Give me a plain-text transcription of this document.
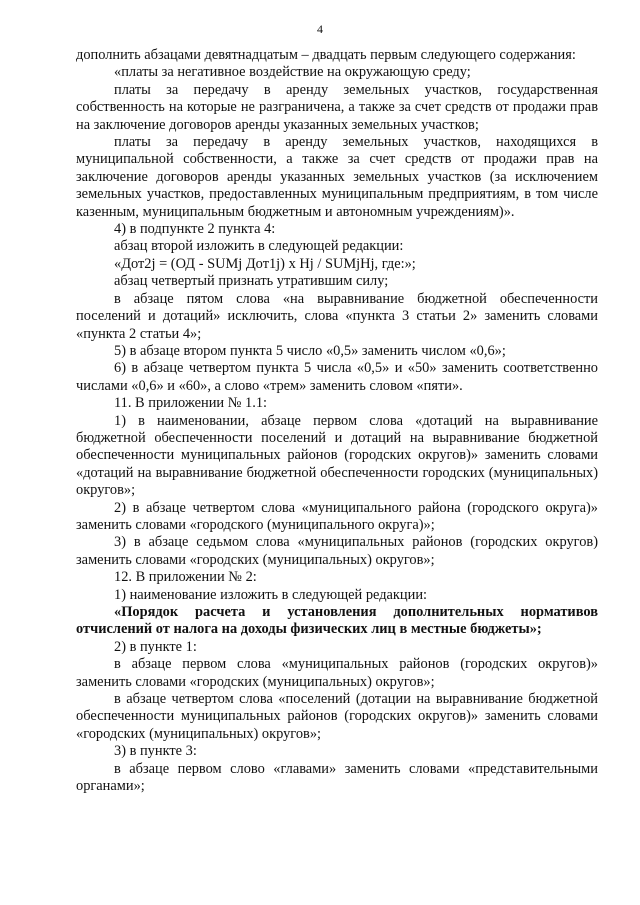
4

дополнить абзацами девятнадцатым – двадцать первым следующего содержания:

«платы за негативное воздействие на окружающую среду;

платы за передачу в аренду земельных участков, государственная собственность на которые не разграничена, а также за счет средств от продажи прав на заключение договоров аренды указанных земельных участков;

платы за передачу в аренду земельных участков, находящихся в муниципальной собственности, а также за счет средств от продажи прав на заключение договоров аренды указанных земельных участков (за исключением земельных участков, предоставленных муниципальным предприятиям, в том числе казенным, муниципальным бюджетным и автономным учреждениям)».

4) в подпункте 2 пункта 4:

абзац второй изложить в следующей редакции:

«Дот2j = (ОД - SUMj Дот1j) x Hj / SUMjHj, где:»;

абзац четвертый признать утратившим силу;

в абзаце пятом слова «на выравнивание бюджетной обеспеченности поселений и дотаций» исключить, слова «пункта 3 статьи 2» заменить словами «пункта 2 статьи 4»;

5) в абзаце втором пункта 5 число «0,5» заменить числом «0,6»;

6) в абзаце четвертом пункта 5 числа «0,5» и «50» заменить соответственно числами «0,6» и «60», а слово «трем» заменить словом «пяти».

11. В приложении № 1.1:

1) в наименовании, абзаце первом слова «дотаций на выравнивание бюджетной обеспеченности поселений и дотаций на выравнивание бюджетной обеспеченности муниципальных районов (городских округов)» заменить словами «дотаций на выравнивание бюджетной обеспеченности городских (муниципальных) округов»;

2) в абзаце четвертом слова «муниципального района (городского округа)» заменить словами «городского (муниципального округа)»;

3) в абзаце седьмом слова «муниципальных районов (городских округов) заменить словами «городских (муниципальных) округов»;

12. В приложении № 2:

1) наименование изложить в следующей редакции:

«Порядок расчета и установления дополнительных нормативов отчислений от налога на доходы физических лиц в местные бюджеты»;

2) в пункте 1:

в абзаце первом слова «муниципальных районов (городских округов)» заменить словами «городских (муниципальных) округов»;

в абзаце четвертом слова «поселений (дотации на выравнивание бюджетной обеспеченности муниципальных районов (городских округов)» заменить словами «городских (муниципальных) округов»;

3) в пункте 3:

в абзаце первом слово «главами» заменить словами «представительными органами»;
